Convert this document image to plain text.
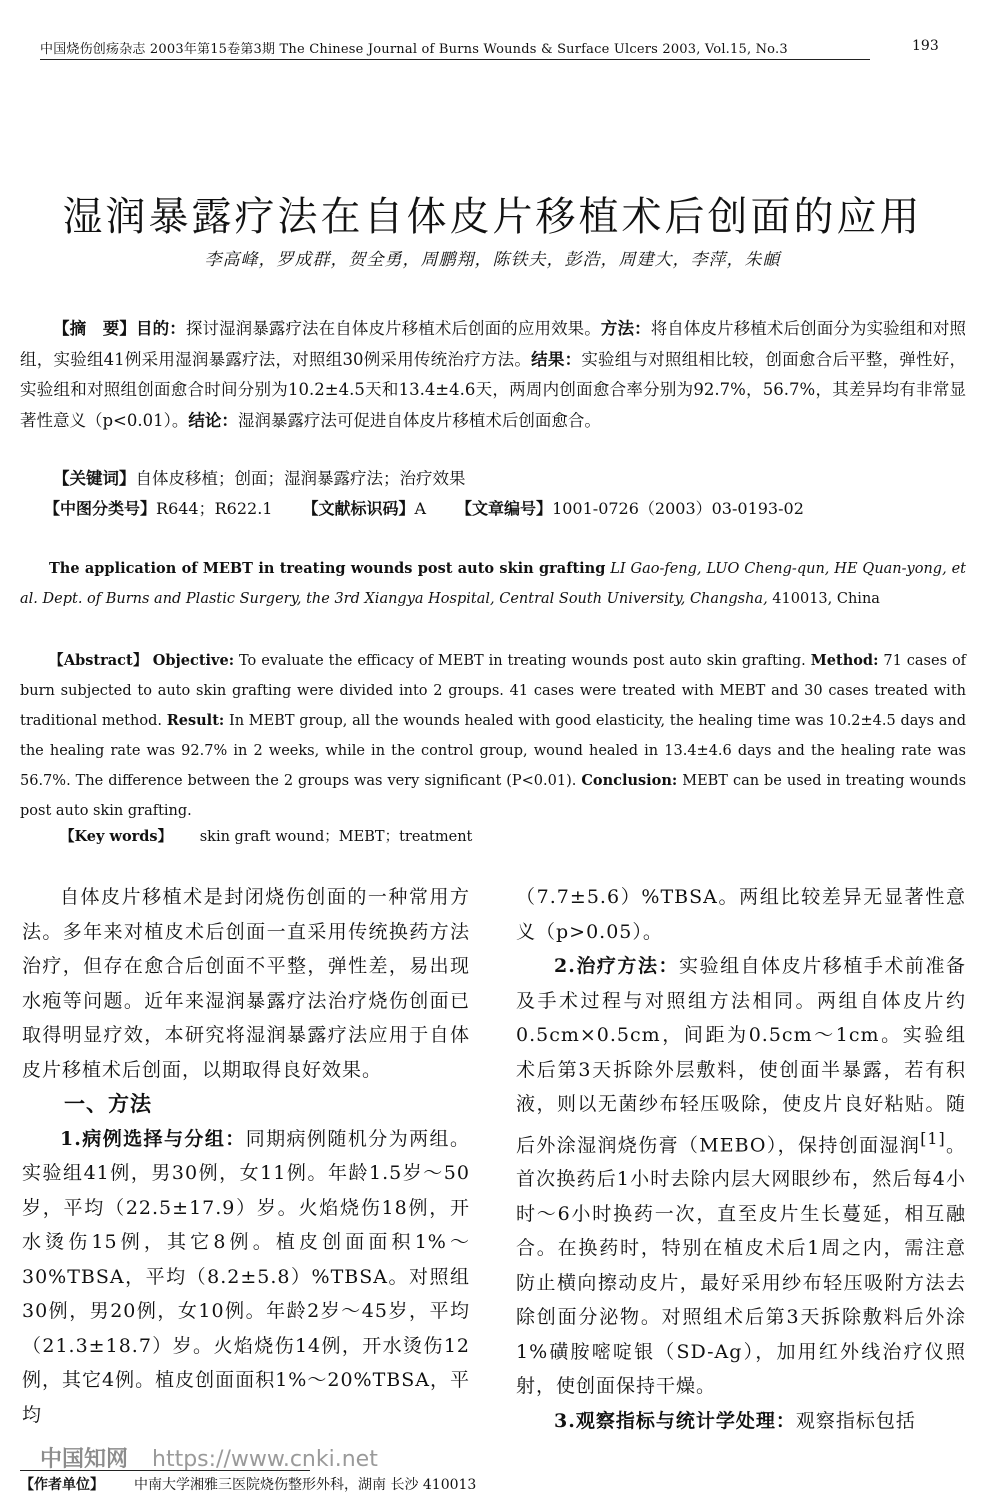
中国烧伤创疡杂志 2003年第15卷第3期 The Chinese Journal of Burns Wounds & Surface Ulcers 2003, Vol.15, No.3	193
湿润暴露疗法在自体皮片移植术后创面的应用
李高峰，罗成群，贺全勇，周鹏翔，陈铁夫，彭浩，周建大，李萍，朱頔
【摘　要】目的：探讨湿润暴露疗法在自体皮片移植术后创面的应用效果。方法：将自体皮片移植术后创面分为实验组和对照组，实验组41例采用湿润暴露疗法，对照组30例采用传统治疗方法。结果：实验组与对照组相比较，创面愈合后平整，弹性好，实验组和对照组创面愈合时间分别为10.2±4.5天和13.4±4.6天，两周内创面愈合率分别为92.7%，56.7%，其差异均有非常显著性意义（p<0.01）。结论：湿润暴露疗法可促进自体皮片移植术后创面愈合。
【关键词】自体皮移植；创面；湿润暴露疗法；治疗效果
【中图分类号】R644；R622.1 【文献标识码】A 【文章编号】1001-0726（2003）03-0193-02
The application of MEBT in treating wounds post auto skin grafting LI Gao-feng, LUO Cheng-qun, HE Quan-yong, et al. Dept. of Burns and Plastic Surgery, the 3rd Xiangya Hospital, Central South University, Changsha, 410013, China
【Abstract】 Objective: To evaluate the efficacy of MEBT in treating wounds post auto skin grafting. Method: 71 cases of burn subjected to auto skin grafting were divided into 2 groups. 41 cases were treated with MEBT and 30 cases treated with traditional method. Result: In MEBT group, all the wounds healed with good elasticity, the healing time was 10.2±4.5 days and the healing rate was 92.7% in 2 weeks, while in the control group, wound healed in 13.4±4.6 days and the healing rate was 56.7%. The difference between the 2 groups was very significant (P<0.01). Conclusion: MEBT can be used in treating wounds post auto skin grafting.
【Key words】 skin graft wound；MEBT；treatment

自体皮片移植术是封闭烧伤创面的一种常用方法。多年来对植皮术后创面一直采用传统换药方法治疗，但存在愈合后创面不平整，弹性差，易出现水疱等问题。近年来湿润暴露疗法治疗烧伤创面已取得明显疗效，本研究将湿润暴露疗法应用于自体皮片移植术后创面，以期取得良好效果。

一、方法

1.病例选择与分组：同期病例随机分为两组。实验组41例，男30例，女11例。年龄1.5岁～50岁，平均（22.5±17.9）岁。火焰烧伤18例，开水烫伤15例，其它8例。植皮创面面积1%～30%TBSA，平均（8.2±5.8）%TBSA。对照组30例，男20例，女10例。年龄2岁～45岁，平均（21.3±18.7）岁。火焰烧伤14例，开水烫伤12例，其它4例。植皮创面面积1%～20%TBSA，平均

（7.7±5.6）%TBSA。两组比较差异无显著性意义（p>0.05）。

2.治疗方法：实验组自体皮片移植手术前准备及手术过程与对照组方法相同。两组自体皮片约0.5cm×0.5cm，间距为0.5cm～1cm。实验组术后第3天拆除外层敷料，使创面半暴露，若有积液，则以无菌纱布轻压吸除，使皮片良好粘贴。随后外涂湿润烧伤膏（MEBO），保持创面湿润[1]。首次换药后1小时去除内层大网眼纱布，然后每4小时～6小时换药一次，直至皮片生长蔓延，相互融合。在换药时，特别在植皮术后1周之内，需注意防止横向擦动皮片，最好采用纱布轻压吸附方法去除创面分泌物。对照组术后第3天拆除敷料后外涂1%磺胺嘧啶银（SD-Ag），加用红外线治疗仪照射，使创面保持干燥。

3.观察指标与统计学处理：观察指标包括

中国知网 https://www.cnki.net
【作者单位】 中南大学湘雅三医院烧伤整形外科，湖南 长沙 410013
